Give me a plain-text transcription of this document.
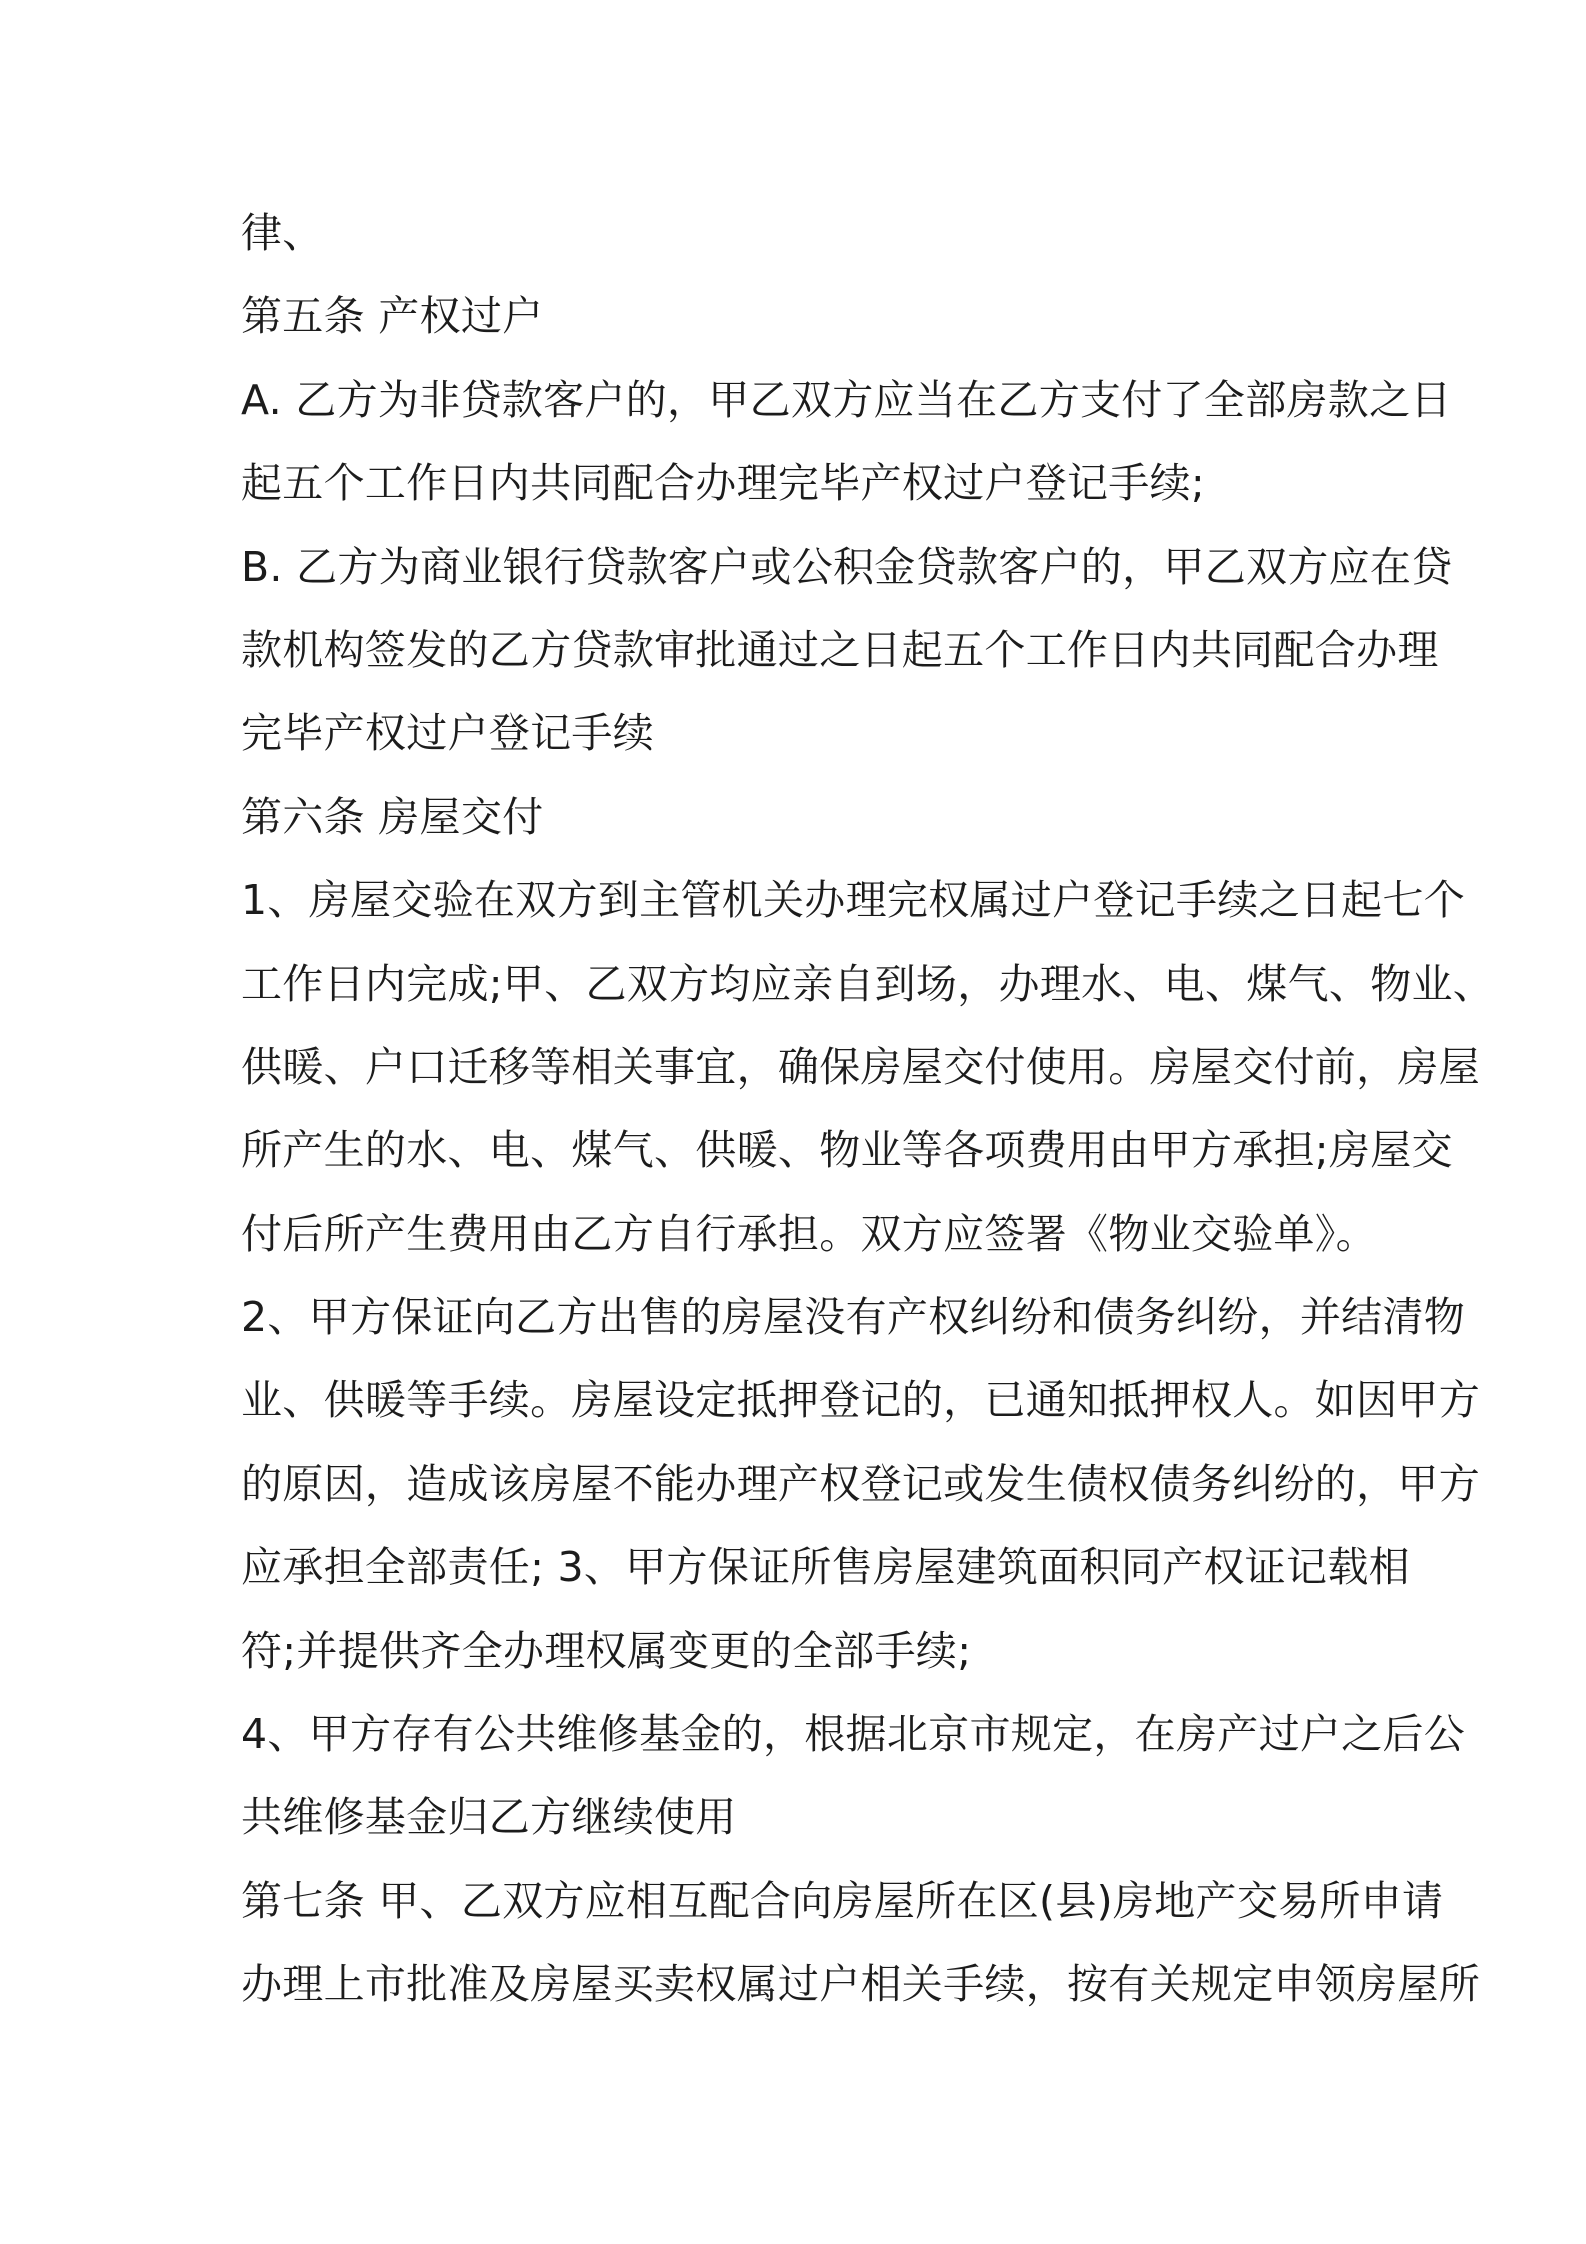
律、
第五条 产权过户
A. 乙方为非贷款客户的，甲乙双方应当在乙方支付了全部房款之日
起五个工作日内共同配合办理完毕产权过户登记手续;
B. 乙方为商业银行贷款客户或公积金贷款客户的，甲乙双方应在贷
款机构签发的乙方贷款审批通过之日起五个工作日内共同配合办理
完毕产权过户登记手续
第六条 房屋交付
1、房屋交验在双方到主管机关办理完权属过户登记手续之日起七个
工作日内完成;甲、乙双方均应亲自到场，办理水、电、煤气、物业、
供暖、户口迁移等相关事宜，确保房屋交付使用。房屋交付前，房屋
所产生的水、电、煤气、供暖、物业等各项费用由甲方承担;房屋交
付后所产生费用由乙方自行承担。双方应签署《物业交验单》。
2、甲方保证向乙方出售的房屋没有产权纠纷和债务纠纷，并结清物
业、供暖等手续。房屋设定抵押登记的，已通知抵押权人。如因甲方
的原因，造成该房屋不能办理产权登记或发生债权债务纠纷的，甲方
应承担全部责任; 3、甲方保证所售房屋建筑面积同产权证记载相
符;并提供齐全办理权属变更的全部手续;
4、甲方存有公共维修基金的，根据北京市规定，在房产过户之后公
共维修基金归乙方继续使用
第七条 甲、乙双方应相互配合向房屋所在区(县)房地产交易所申请
办理上市批准及房屋买卖权属过户相关手续，按有关规定申领房屋所
